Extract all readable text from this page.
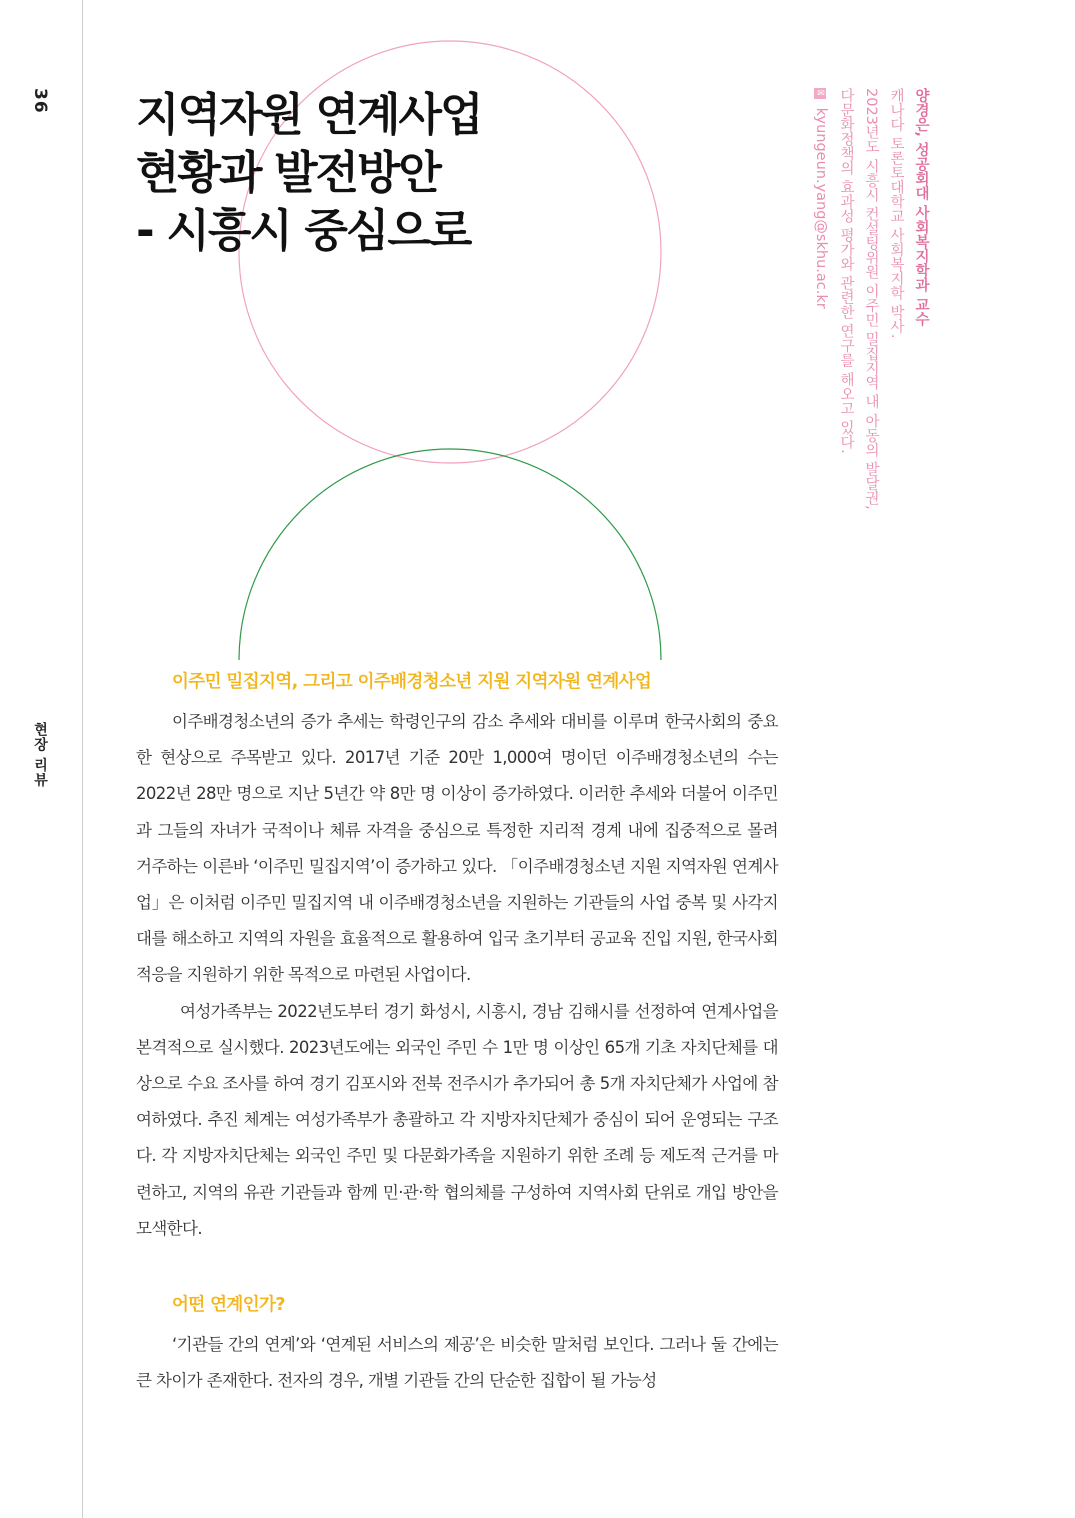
36
현장 리뷰
지역자원 연계사업
현황과 발전방안
- 시흥시 중심으로	양경은, 성공회대 사회복지학과 교수
캐나다 토론토대학교 사회복지학 박사.
2023년도 시흥시 컨설팅위원 이주민 밀집지역 내 아동의 발달권,
다문화정책의 효과성 평가와 관련한 연구를 해오고 있다.
✉ kyungeun.yang@skhu.ac.kr
이주민 밀집지역, 그리고 이주배경청소년 지원 지역자원 연계사업

이주배경청소년의 증가 추세는 학령인구의 감소 추세와 대비를 이루며 한국사회의 중요한 현상으로 주목받고 있다. 2017년 기준 20만 1,000여 명이던 이주배경청소년의 수는 2022년 28만 명으로 지난 5년간 약 8만 명 이상이 증가하였다. 이러한 추세와 더불어 이주민과 그들의 자녀가 국적이나 체류 자격을 중심으로 특정한 지리적 경계 내에 집중적으로 몰려 거주하는 이른바 ‘이주민 밀집지역’이 증가하고 있다. 「이주배경청소년 지원 지역자원 연계사업」은 이처럼 이주민 밀집지역 내 이주배경청소년을 지원하는 기관들의 사업 중복 및 사각지대를 해소하고 지역의 자원을 효율적으로 활용하여 입국 초기부터 공교육 진입 지원, 한국사회 적응을 지원하기 위한 목적으로 마련된 사업이다.

여성가족부는 2022년도부터 경기 화성시, 시흥시, 경남 김해시를 선정하여 연계사업을 본격적으로 실시했다. 2023년도에는 외국인 주민 수 1만 명 이상인 65개 기초 자치단체를 대상으로 수요 조사를 하여 경기 김포시와 전북 전주시가 추가되어 총 5개 자치단체가 사업에 참여하였다. 추진 체계는 여성가족부가 총괄하고 각 지방자치단체가 중심이 되어 운영되는 구조다. 각 지방자치단체는 외국인 주민 및 다문화가족을 지원하기 위한 조례 등 제도적 근거를 마련하고, 지역의 유관 기관들과 함께 민·관·학 협의체를 구성하여 지역사회 단위로 개입 방안을 모색한다.

어떤 연계인가?

‘기관들 간의 연계’와 ‘연계된 서비스의 제공’은 비슷한 말처럼 보인다. 그러나 둘 간에는 큰 차이가 존재한다. 전자의 경우, 개별 기관들 간의 단순한 집합이 될 가능성
